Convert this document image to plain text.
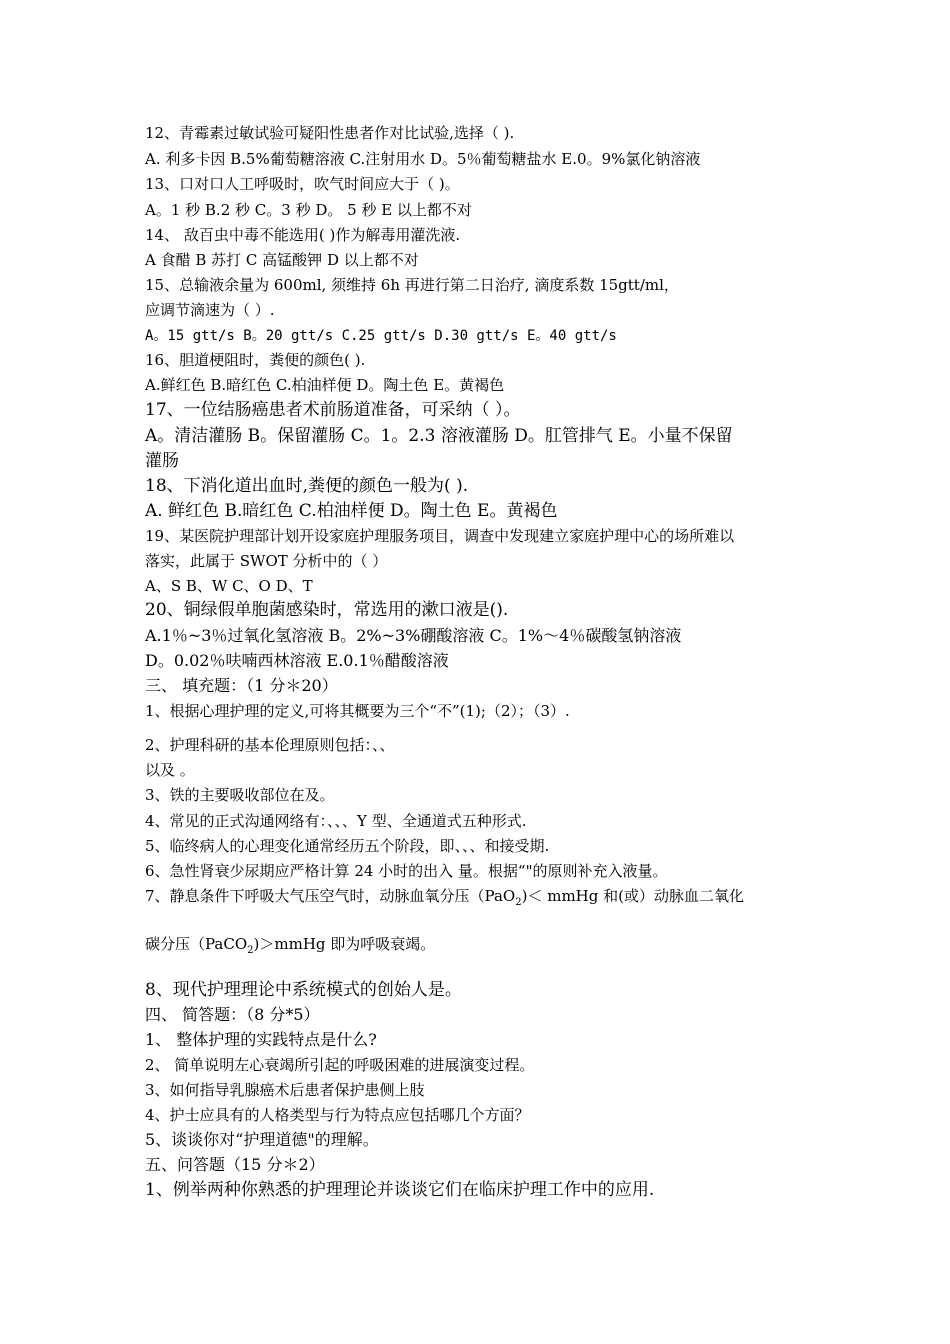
12、青霉素过敏试验可疑阳性患者作对比试验,选择（ ).
A. 利多卡因 B.5%葡萄糖溶液 C.注射用水 D。5％葡萄糖盐水 E.0。9%氯化钠溶液
13、口对口人工呼吸时，吹气时间应大于（ )。
A。1 秒 B.2 秒 C。3 秒 D。 5 秒 E 以上都不对
14、 敌百虫中毒不能选用( )作为解毒用灌洗液.
A 食醋 B 苏打 C 高锰酸钾 D 以上都不对
15、总输液余量为 600ml, 须维持 6h 再进行第二日治疗, 滴度系数 15gtt/ml，
应调节滴速为（ ）.
A。15 gtt/s B。20 gtt/s C.25 gtt/s D.30 gtt/s E。40 gtt/s
16、胆道梗阻时，粪便的颜色( ).
A.鲜红色 B.暗红色 C.柏油样便 D。陶土色 E。黄褐色
17、一位结肠癌患者术前肠道准备，可采纳（ ）。
A。清洁灌肠 B。保留灌肠 C。1。2.3 溶液灌肠 D。肛管排气 E。小量不保留
灌肠
18、下消化道出血时,粪便的颜色一般为( ).
A. 鲜红色 B.暗红色 C.柏油样便 D。陶土色 E。黄褐色
19、某医院护理部计划开设家庭护理服务项目，调查中发现建立家庭护理中心的场所难以
落实，此属于 SWOT 分析中的（ ）
A、S B、W C、O D、T
20、铜绿假单胞菌感染时，常选用的漱口液是().
A.1％~3％过氧化氢溶液 B。2%~3%硼酸溶液 C。1%～4％碳酸氢钠溶液
D。0.02％呋喃西林溶液 E.0.1％醋酸溶液
三、 填充题：（1 分＊20）
1、根据心理护理的定义,可将其概要为三个“不”(1);（2）；（3）.
2、护理科研的基本伦理原则包括：、、
以及 。
3、铁的主要吸收部位在及。
4、常见的正式沟通网络有：、、、Y 型、全通道式五种形式.
5、临终病人的心理变化通常经历五个阶段，即、、、和接受期.
6、急性肾衰少尿期应严格计算 24 小时的出入 量。根据“"的原则补充入液量。
7、静息条件下呼吸大气压空气时，动脉血氧分压（PaO$_2$)＜ mmHg 和(或）动脉血二氧化
碳分压（PaCO$_2$)＞mmHg 即为呼吸衰竭。
8、现代护理理论中系统模式的创始人是。
四、 简答题：（8 分*5）
1、 整体护理的实践特点是什么?
2、 简单说明左心衰竭所引起的呼吸困难的进展演变过程。
3、如何指导乳腺癌术后患者保护患侧上肢
4、护士应具有的人格类型与行为特点应包括哪几个方面？
5、谈谈你对“护理道德"的理解。
五、问答题（15 分＊2）
1、例举两种你熟悉的护理理论并谈谈它们在临床护理工作中的应用.
